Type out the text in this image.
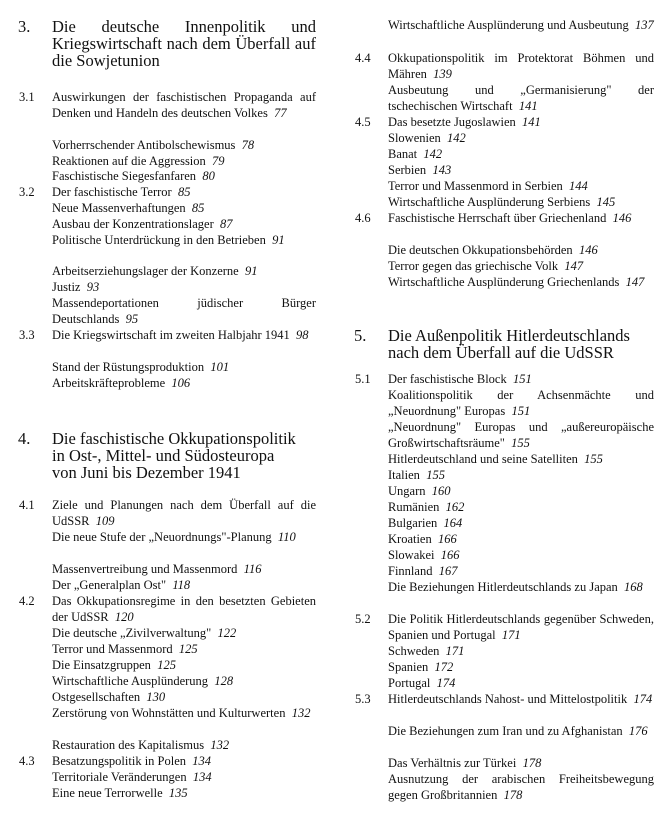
3. Die deutsche Innenpolitik und Kriegswirtschaft nach dem Überfall auf die Sowjetunion
3.1 Auswirkungen der faschistischen Propaganda auf Denken und Handeln des deutschen Volkes 77
Vorherrschender Antibolschewismus 78
Reaktionen auf die Aggression 79
Faschistische Siegesfanfaren 80
3.2 Der faschistische Terror 85
Neue Massenverhaftungen 85
Ausbau der Konzentrationslager 87
Politische Unterdrückung in den Betrieben 91
Arbeitserziehungslager der Konzerne 91
Justiz 93
Massendeportationen jüdischer Bürger Deutschlands 95
3.3 Die Kriegswirtschaft im zweiten Halbjahr 1941 98
Stand der Rüstungsproduktion 101
Arbeitskräfteprobleme 106
4. Die faschistische Okkupationspolitik
in Ost-, Mittel- und Südosteuropa
von Juni bis Dezember 1941
4.1 Ziele und Planungen nach dem Überfall auf die UdSSR 109
Die neue Stufe der „Neuordnungs"-Planung 110
Massenvertreibung und Massenmord 116
Der „Generalplan Ost" 118
4.2 Das Okkupationsregime in den besetzten Gebieten der UdSSR 120
Die deutsche „Zivilverwaltung" 122
Terror und Massenmord 125
Die Einsatzgruppen 125
Wirtschaftliche Ausplünderung 128
Ostgesellschaften 130
Zerstörung von Wohnstätten und Kulturwerten 132
Restauration des Kapitalismus 132
4.3 Besatzungspolitik in Polen 134
Territoriale Veränderungen 134
Eine neue Terrorwelle 135
Wirtschaftliche Ausplünderung und Ausbeutung 137
4.4 Okkupationspolitik im Protektorat Böhmen und Mähren 139
Ausbeutung und „Germanisierung" der tschechischen Wirtschaft 141
4.5 Das besetzte Jugoslawien 141
Slowenien 142
Banat 142
Serbien 143
Terror und Massenmord in Serbien 144
Wirtschaftliche Ausplünderung Serbiens 145
4.6 Faschistische Herrschaft über Griechenland 146
Die deutschen Okkupationsbehörden 146
Terror gegen das griechische Volk 147
Wirtschaftliche Ausplünderung Griechenlands 147
5. Die Außenpolitik Hitlerdeutschlands
nach dem Überfall auf die UdSSR
5.1 Der faschistische Block 151
Koalitionspolitik der Achsenmächte und „Neuordnung" Europas 151
„Neuordnung" Europas und „außereuropäische Großwirtschaftsräume" 155
Hitlerdeutschland und seine Satelliten 155
Italien 155
Ungarn 160
Rumänien 162
Bulgarien 164
Kroatien 166
Slowakei 166
Finnland 167
Die Beziehungen Hitlerdeutschlands zu Japan 168
5.2 Die Politik Hitlerdeutschlands gegenüber Schweden, Spanien und Portugal 171
Schweden 171
Spanien 172
Portugal 174
5.3 Hitlerdeutschlands Nahost- und Mittelostpolitik 174
Die Beziehungen zum Iran und zu Afghanistan 176
Das Verhältnis zur Türkei 178
Ausnutzung der arabischen Freiheitsbewegung gegen Großbritannien 178
